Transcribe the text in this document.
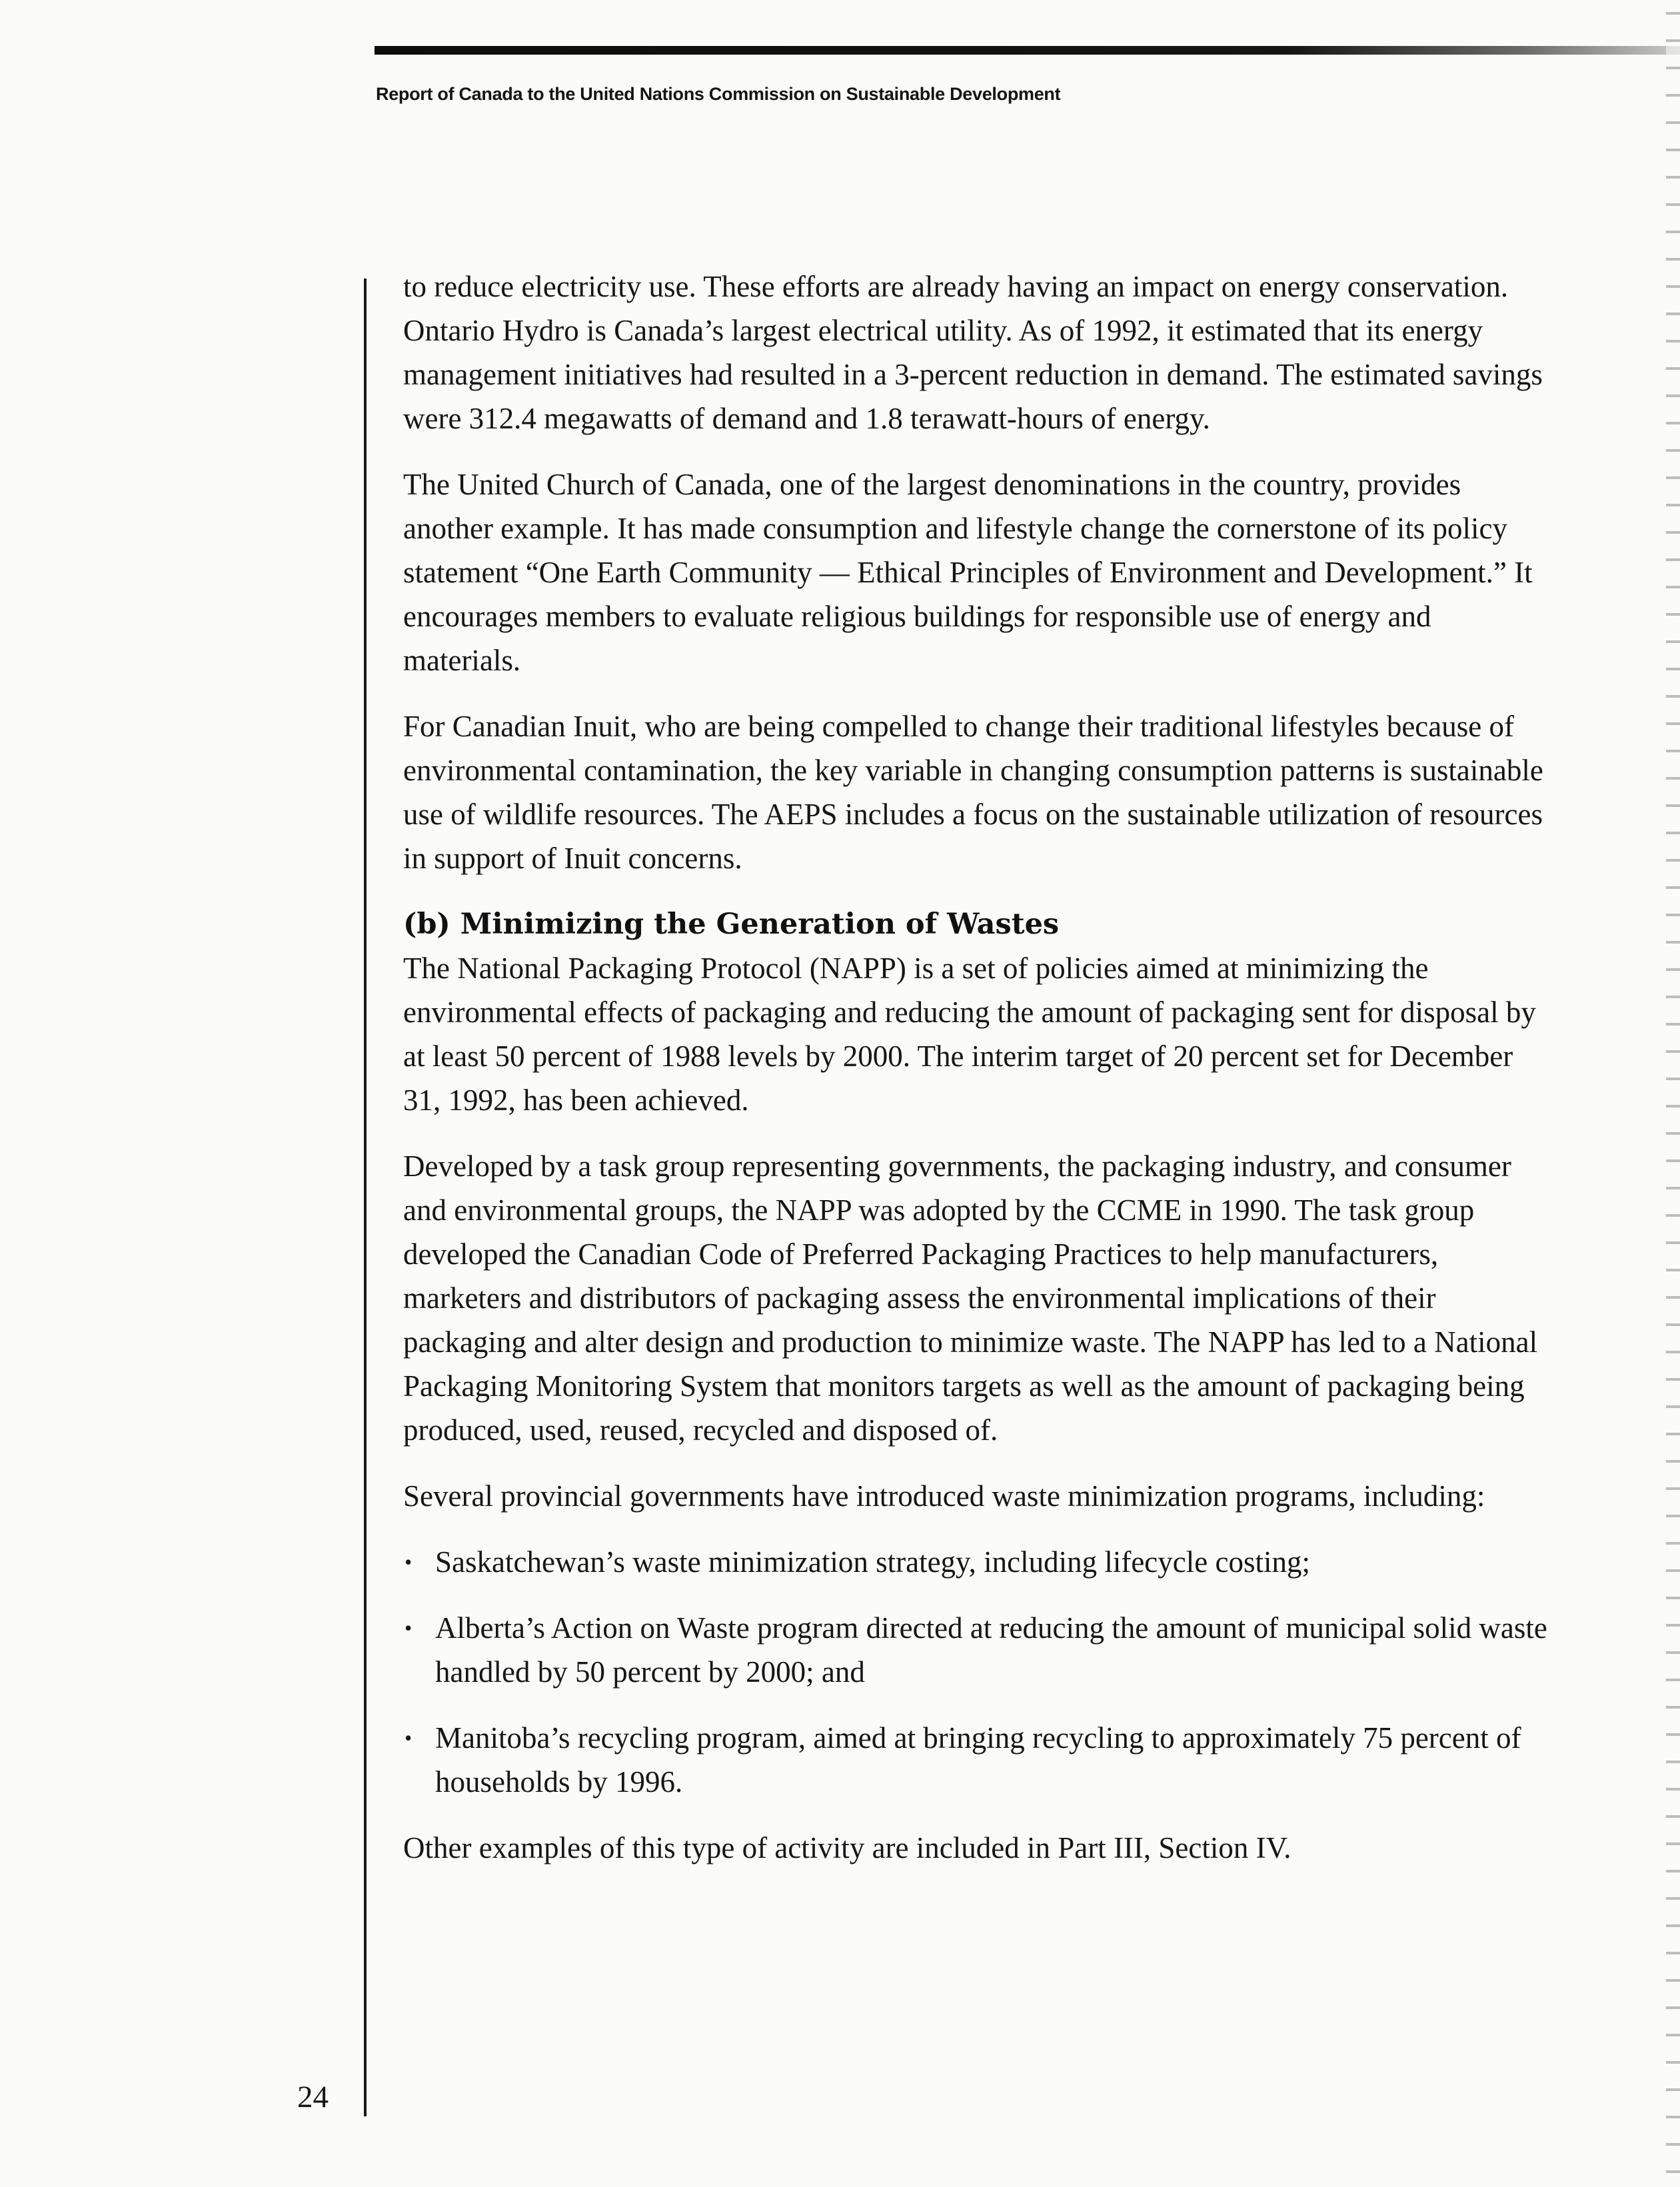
Report of Canada to the United Nations Commission on Sustainable Development

to reduce electricity use. These efforts are already having an impact on energy conservation. Ontario Hydro is Canada’s largest electrical utility. As of 1992, it estimated that its energy management initiatives had resulted in a 3-percent reduction in demand. The estimated savings were 312.4 megawatts of demand and 1.8 terawatt-hours of energy.

The United Church of Canada, one of the largest denominations in the country, provides another example. It has made consumption and lifestyle change the cornerstone of its policy statement “One Earth Community — Ethical Principles of Environment and Development.” It encourages members to evaluate religious buildings for responsible use of energy and materials.

For Canadian Inuit, who are being compelled to change their traditional lifestyles because of environmental contamination, the key variable in changing consumption patterns is sustainable use of wildlife resources. The AEPS includes a focus on the sustainable utilization of resources in support of Inuit concerns.

(b) Minimizing the Generation of Wastes

The National Packaging Protocol (NAPP) is a set of policies aimed at minimizing the environmental effects of packaging and reducing the amount of packaging sent for disposal by at least 50 percent of 1988 levels by 2000. The interim target of 20 percent set for December 31, 1992, has been achieved.

Developed by a task group representing governments, the packaging industry, and consumer and environmental groups, the NAPP was adopted by the CCME in 1990. The task group developed the Canadian Code of Preferred Packaging Practices to help manufacturers, marketers and distributors of packaging assess the environmental implications of their packaging and alter design and production to minimize waste. The NAPP has led to a National Packaging Monitoring System that monitors targets as well as the amount of packaging being produced, used, reused, recycled and disposed of.

Several provincial governments have introduced waste minimization programs, including:

• Saskatchewan’s waste minimization strategy, including lifecycle costing;
• Alberta’s Action on Waste program directed at reducing the amount of municipal solid waste handled by 50 percent by 2000; and
• Manitoba’s recycling program, aimed at bringing recycling to approximately 75 percent of households by 1996.

Other examples of this type of activity are included in Part III, Section IV.

24
